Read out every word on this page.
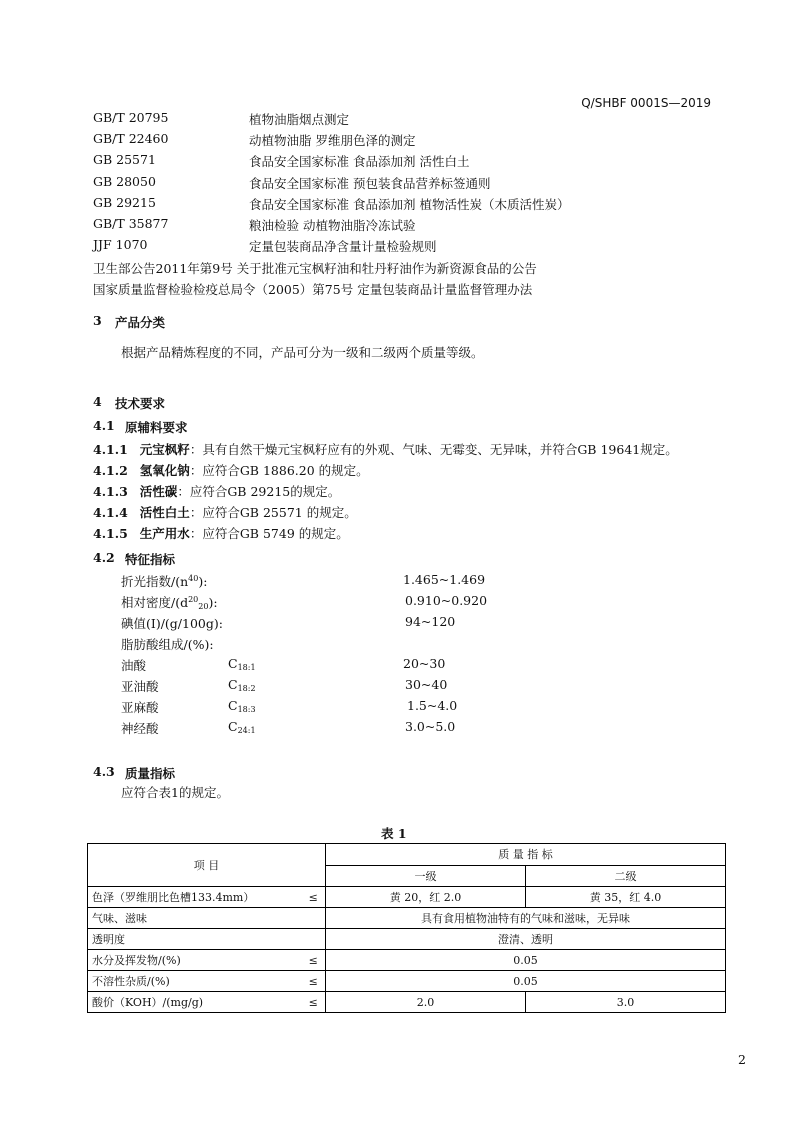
Q/SHBF 0001S—2019
GB/T 20795	植物油脂烟点测定
GB/T 22460	动植物油脂 罗维朋色泽的测定
GB 25571	食品安全国家标准 食品添加剂 活性白土
GB 28050	食品安全国家标准 预包装食品营养标签通则
GB 29215	食品安全国家标准 食品添加剂 植物活性炭（木质活性炭）
GB/T 35877	粮油检验 动植物油脂冷冻试验
JJF 1070	定量包装商品净含量计量检验规则
卫生部公告2011年第9号 关于批准元宝枫籽油和牡丹籽油作为新资源食品的公告
国家质量监督检验检疫总局令（2005）第75号 定量包装商品计量监督管理办法
3 产品分类
根据产品精炼程度的不同，产品可分为一级和二级两个质量等级。
4 技术要求
4.1 原辅料要求
4.1.1 元宝枫籽：具有自然干燥元宝枫籽应有的外观、气味、无霉变、无异味，并符合GB 19641规定。
4.1.2 氢氧化钠：应符合GB 1886.20 的规定。
4.1.3 活性碳：应符合GB 29215的规定。
4.1.4 活性白土：应符合GB 25571 的规定。
4.1.5 生产用水：应符合GB 5749 的规定。
4.2 特征指标
折光指数$/(n^{40})$:	1.465~1.469
相对密度$/(d^{20}_{20})$:	0.910~0.920
碘值(I)/(g/100g):	94~120
脂肪酸组成/(%):
油酸	$C_{18:1}$	20~30
亚油酸	$C_{18:2}$	30~40
亚麻酸	$C_{18:3}$	1.5~4.0
神经酸	$C_{24:1}$	3.0~5.0
4.3 质量指标
应符合表1的规定。
表 1
项 目		质 量 指 标	
		一级	二级
色泽（罗维朋比色槽133.4mm）	≤	黄 20，红 2.0	黄 35，红 4.0
气味、滋味		具有食用植物油特有的气味和滋味，无异味	
透明度		澄清、透明	
水分及挥发物/(%)	≤	0.05	
不溶性杂质/(%)	≤	0.05	
酸价（KOH）/(mg/g)	≤	2.0	3.0
2
